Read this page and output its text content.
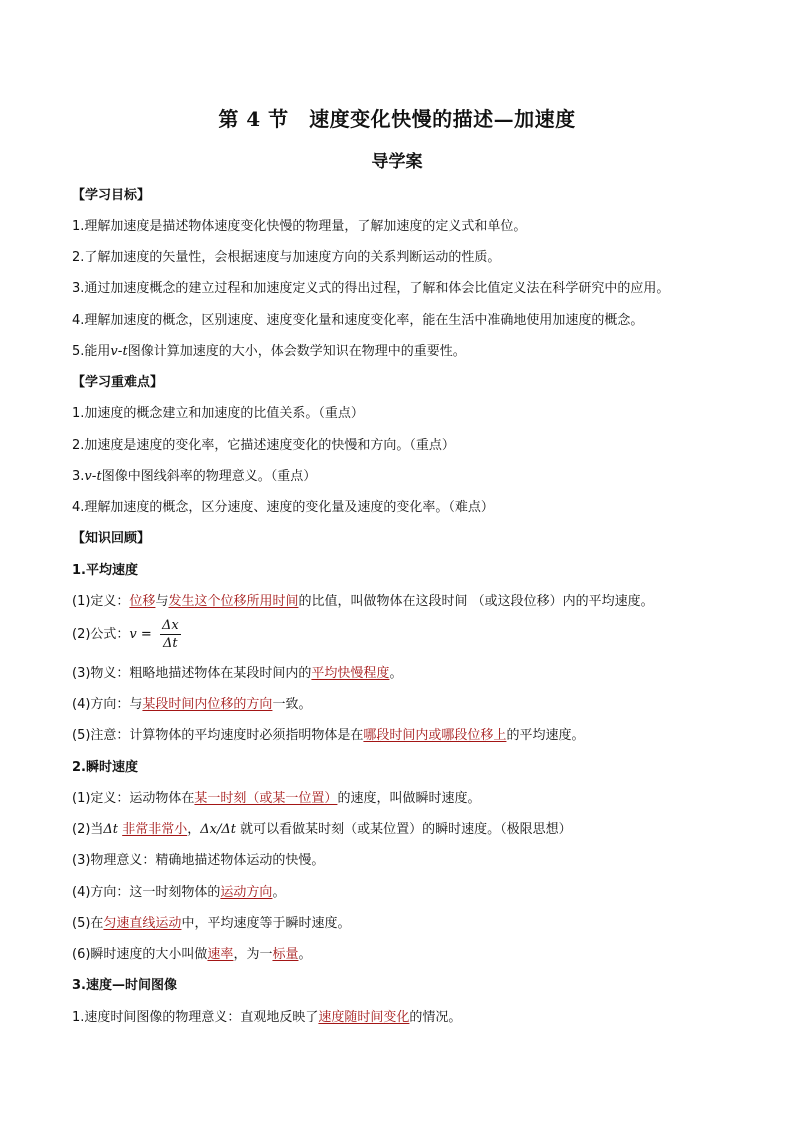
第 4 节　速度变化快慢的描述—加速度
导学案
【学习目标】
1.理解加速度是描述物体速度变化快慢的物理量，了解加速度的定义式和单位。
2.了解加速度的矢量性，会根据速度与加速度方向的关系判断运动的性质。
3.通过加速度概念的建立过程和加速度定义式的得出过程，了解和体会比值定义法在科学研究中的应用。
4.理解加速度的概念，区别速度、速度变化量和速度变化率，能在生活中准确地使用加速度的概念。
5.能用v-t图像计算加速度的大小，体会数学知识在物理中的重要性。
【学习重难点】
1.加速度的概念建立和加速度的比值关系。（重点）
2.加速度是速度的变化率，它描述速度变化的快慢和方向。（重点）
3.v-t图像中图线斜率的物理意义。（重点）
4.理解加速度的概念，区分速度、速度的变化量及速度的变化率。（难点）
【知识回顾】
1.平均速度
(1)定义：位移与发生这个位移所用时间的比值，叫做物体在这段时间 （或这段位移）内的平均速度。
(2)公式：$v = \frac{\Delta x}{\Delta t}$
(3)物义：粗略地描述物体在某段时间内的平均快慢程度。
(4)方向：与某段时间内位移的方向一致。
(5)注意：计算物体的平均速度时必须指明物体是在哪段时间内或哪段位移上的平均速度。
2.瞬时速度
(1)定义：运动物体在某一时刻（或某一位置）的速度，叫做瞬时速度。
(2)当Δt 非常非常小，Δx/Δt 就可以看做某时刻（或某位置）的瞬时速度。（极限思想）
(3)物理意义：精确地描述物体运动的快慢。
(4)方向：这一时刻物体的运动方向。
(5)在匀速直线运动中，平均速度等于瞬时速度。
(6)瞬时速度的大小叫做速率，为一标量。
3.速度—时间图像
1.速度时间图像的物理意义：直观地反映了速度随时间变化的情况。
